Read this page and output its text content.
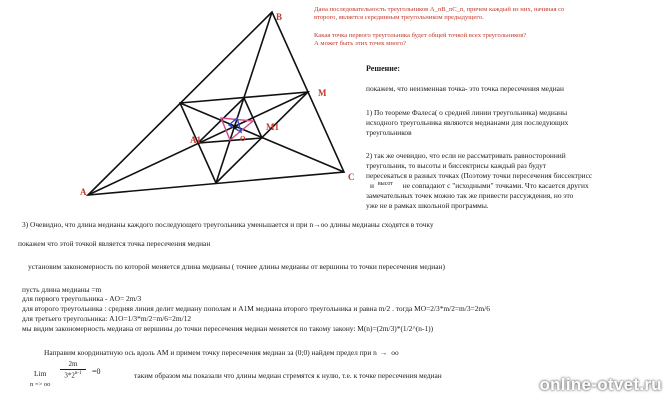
B
A
C
M
A1
M1
O
Дана последовательность треугольников A_nB_nC_n, причем каждый из них, начиная со
второго, является серединным треугольником предыдущего.
Какая точка первого треугольника будет общей точкой всех треугольников?
А может быть этих точек много?
Решение:
покажем, что неизменная точка- это точка пересечения медиан
1) По теореме Фалеса( о средней линии треугольника) медианы
исходного треугольника являются медианами для последующих
треугольников
2) так же очевидно, что если не рассматривать равносторонний
треугольник, то высоты и биссектрисы каждый раз будут
пересекаться в разных точках (Поэтому точки пересечения биссектрисс
и $^{высот}$ не совпадают с "исходными" точками. Что касается других
замечательных точек можно так же привести рассуждения, но это
уже не в рамках школьной программы.
3) Очевидно, что длина медианы каждого последующего треугольника уменьшается и при n→oo длины медианы сходятся в точку
покажем что этой точкой является точка пересечения медиан
установим закономерность по которой меняется длина медианы ( точнее длины медианы от вершины то точки пересечения медиан)
пусть длина медианы =m
для первого треугольника - AO= 2m/3
для второго треугольника : средняя линия делит медиану пополам и A1M медиана второго треугольника и равна m/2 . тогда MO=2/3*m/2=m/3=2m/6
для третьего треугольника: A1O=1/3*m/2=m/6=2m/12
мы видим закономерность медиана от вершины до точки пересечения медиан меняется по такому закону: M(n)=(2m/3)*(1/2^(n-1))
Направим координатную ось вдоль AM и примем точку пересечения медиан за (0;0) найдем предел при n → oo
Lim
2m
$3*2^{n-1}$	=0
n => oo
таким образом мы показали что длины медиан стремятся к нулю, т.е. к точке пересечения медиан	online-otvet.ru
